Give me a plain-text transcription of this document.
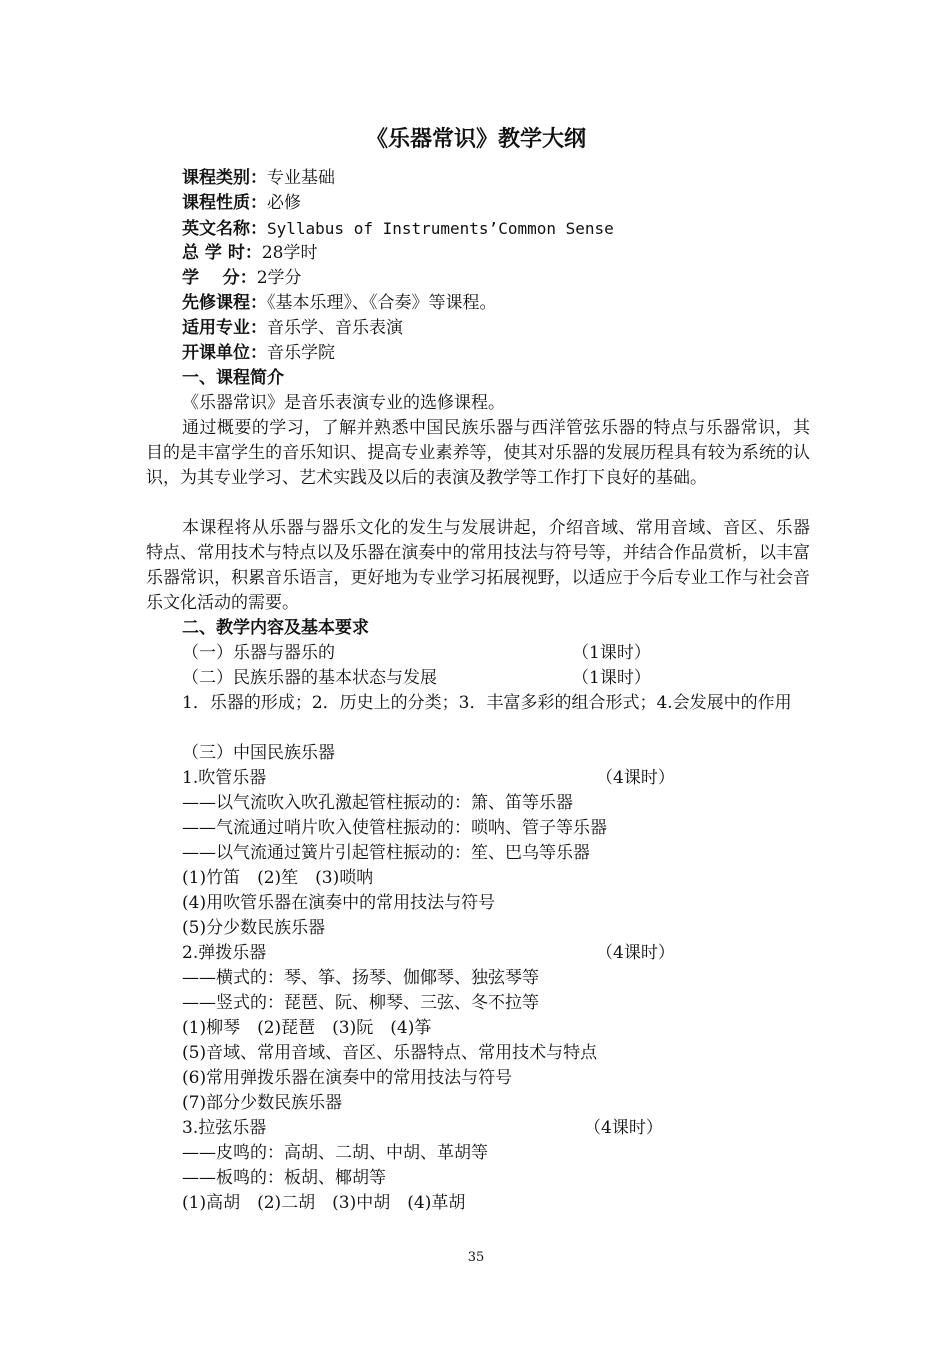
《乐器常识》教学大纲
课程类别：专业基础
课程性质：必修
英文名称：Syllabus of Instruments’Common Sense
总 学 时：28学时
学    分：2学分
先修课程：《基本乐理》、《合奏》等课程。
适用专业：音乐学、音乐表演
开课单位：音乐学院
一、课程简介

《乐器常识》是音乐表演专业的选修课程。

通过概要的学习，了解并熟悉中国民族乐器与西洋管弦乐器的特点与乐器常识，其目的是丰富学生的音乐知识、提高专业素养等，使其对乐器的发展历程具有较为系统的认识，为其专业学习、艺术实践及以后的表演及教学等工作打下良好的基础。

本课程将从乐器与器乐文化的发生与发展讲起，介绍音域、常用音域、音区、乐器特点、常用技术与特点以及乐器在演奏中的常用技法与符号等，并结合作品赏析，以丰富乐器常识，积累音乐语言，更好地为专业学习拓展视野，以适应于今后专业工作与社会音乐文化活动的需要。

二、教学内容及基本要求
（一）乐器与器乐的	（1课时）
（二）民族乐器的基本状态与发展	（1课时）

1．乐器的形成；2．历史上的分类；3．丰富多彩的组合形式；4.会发展中的作用

（三）中国民族乐器
1.吹管乐器	（4课时）
——以气流吹入吹孔激起管柱振动的：箫、笛等乐器
——气流通过哨片吹入使管柱振动的：唢呐、管子等乐器
——以气流通过簧片引起管柱振动的：笙、巴乌等乐器
(1)竹笛　(2)笙　(3)唢呐
(4)用吹管乐器在演奏中的常用技法与符号
(5)分少数民族乐器
2.弹拨乐器	（4课时）
——横式的：琴、筝、扬琴、伽倻琴、独弦琴等
——竖式的：琵琶、阮、柳琴、三弦、冬不拉等
(1)柳琴　(2)琵琶　(3)阮　(4)筝
(5)音域、常用音域、音区、乐器特点、常用技术与特点
(6)常用弹拨乐器在演奏中的常用技法与符号
(7)部分少数民族乐器
3.拉弦乐器	（4课时）
——皮鸣的：高胡、二胡、中胡、革胡等
——板鸣的：板胡、椰胡等
(1)高胡　(2)二胡　(3)中胡　(4)革胡
35
